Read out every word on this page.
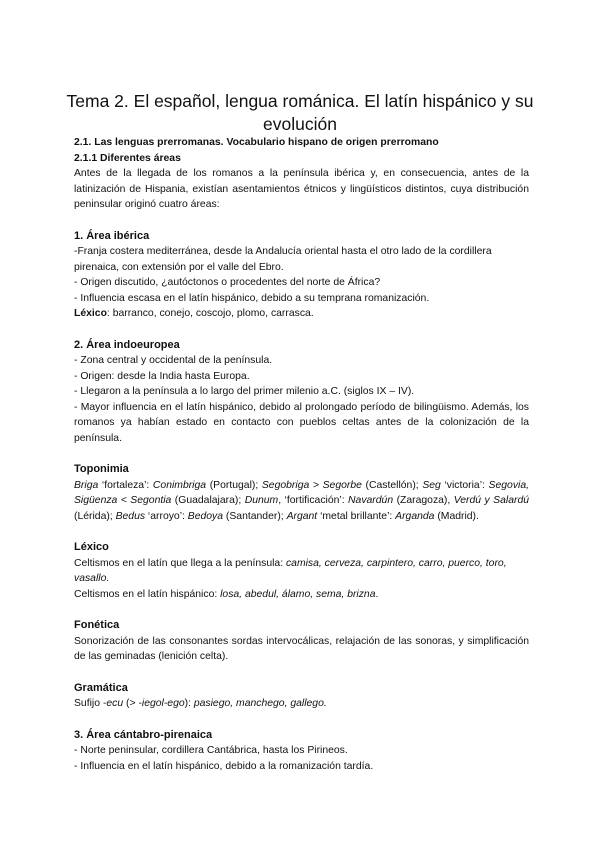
Tema 2. El español, lengua románica. El latín hispánico y su evolución

2.1. Las lenguas prerromanas. Vocabulario hispano de origen prerromano

2.1.1 Diferentes áreas

Antes de la llegada de los romanos a la península ibérica y, en consecuencia, antes de la latinización de Hispania, existían asentamientos étnicos y lingüísticos distintos, cuya distribución peninsular originó cuatro áreas:

1. Área ibérica

-Franja costera mediterránea, desde la Andalucía oriental hasta el otro lado de la cordillera pirenaica, con extensión por el valle del Ebro.

- Origen discutido, ¿autóctonos o procedentes del norte de África?

- Influencia escasa en el latín hispánico, debido a su temprana romanización.

Léxico: barranco, conejo, coscojo, plomo, carrasca.

2. Área indoeuropea

- Zona central y occidental de la península.

- Origen: desde la India hasta Europa.

- Llegaron a la península a lo largo del primer milenio a.C. (siglos IX – IV).

- Mayor influencia en el latín hispánico, debido al prolongado período de bilingüismo. Además, los romanos ya habían estado en contacto con pueblos celtas antes de la colonización de la península.

Toponimia

Briga ‘fortaleza’: Conimbriga (Portugal); Segobriga > Segorbe (Castellón); Seg ‘victoria’: Segovia, Sigüenza < Segontia (Guadalajara); Dunum, ‘fortificación’: Navardún (Zaragoza), Verdú y Salardú (Lérida); Bedus ‘arroyo’: Bedoya (Santander); Argant ‘metal brillante’: Arganda (Madrid).

Léxico

Celtismos en el latín que llega a la península: camisa, cerveza, carpintero, carro, puerco, toro, vasallo.

Celtismos en el latín hispánico: losa, abedul, álamo, sema, brizna.

Fonética

Sonorización de las consonantes sordas intervocálicas, relajación de las sonoras, y simplificación de las geminadas (lenición celta).

Gramática

Sufijo -ecu (> -iegol-ego): pasiego, manchego, gallego.

3. Área cántabro-pirenaica

- Norte peninsular, cordillera Cantábrica, hasta los Pirineos.

- Influencia en el latín hispánico, debido a la romanización tardía.
